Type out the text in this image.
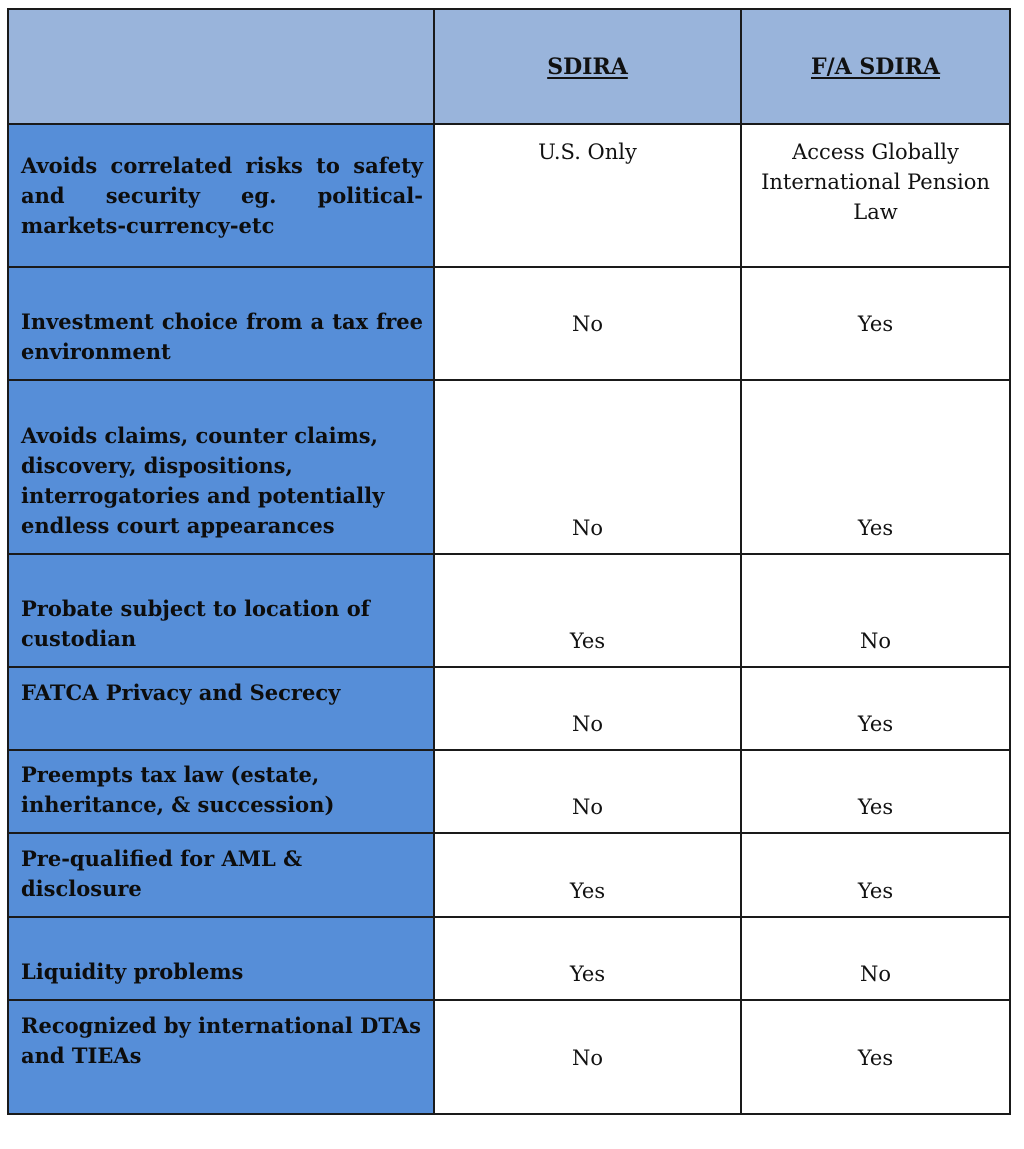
	SDIRA	F/A SDIRA
Avoids correlated risks to safety and security eg. political-markets-currency-etc	U.S. Only	Access Globally International Pension Law
Investment choice from a tax free environment	No	Yes
Avoids claims, counter claims, discovery, dispositions, interrogatories and potentially endless court appearances	No	Yes
Probate subject to location of custodian	Yes	No
FATCA Privacy and Secrecy	No	Yes
Preempts tax law (estate, inheritance, & succession)	No	Yes
Pre-qualified for AML & disclosure	Yes	Yes
Liquidity problems	Yes	No
Recognized by international DTAs and TIEAs	No	Yes
